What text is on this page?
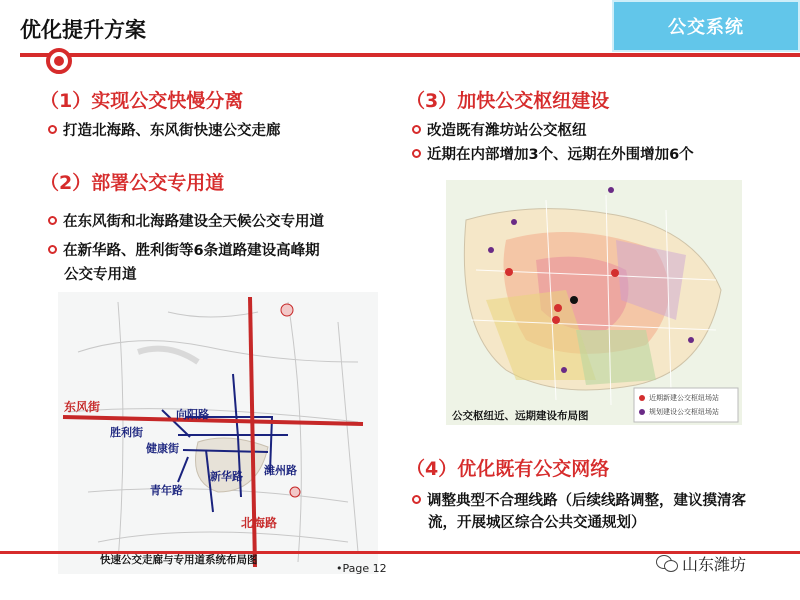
优化提升方案	公交系统
（1）实现公交快慢分离
打造北海路、东风街快速公交走廊
（2）部署公交专用道
在东风街和北海路建设全天候公交专用道
在新华路、胜利街等6条道路建设高峰期
公交专用道
（3）加快公交枢纽建设
改造既有潍坊站公交枢纽
近期在内部增加3个、远期在外围增加6个
（4）优化既有公交网络
调整典型不合理线路（后续线路调整，建议摸清客
流，开展城区综合公共交通规划）
东风街
向阳路
胜利街
健康街
新华路
青年路
潍州路
北海路
快速公交走廊与专用道系统布局图
近期新建公交枢纽场站
规划建设公交枢纽场站
公交枢纽近、远期建设布局图
•Page 12	山东潍坊
